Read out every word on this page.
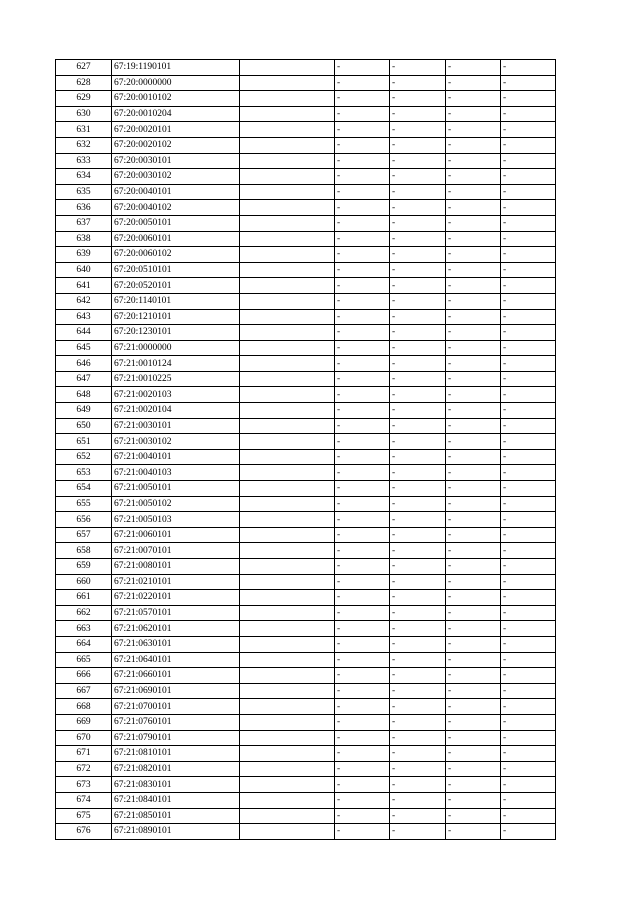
627	67:19:1190101		-	-	-	-
628	67:20:0000000		-	-	-	-
629	67:20:0010102		-	-	-	-
630	67:20:0010204		-	-	-	-
631	67:20:0020101		-	-	-	-
632	67:20:0020102		-	-	-	-
633	67:20:0030101		-	-	-	-
634	67:20:0030102		-	-	-	-
635	67:20:0040101		-	-	-	-
636	67:20:0040102		-	-	-	-
637	67:20:0050101		-	-	-	-
638	67:20:0060101		-	-	-	-
639	67:20:0060102		-	-	-	-
640	67:20:0510101		-	-	-	-
641	67:20:0520101		-	-	-	-
642	67:20:1140101		-	-	-	-
643	67:20:1210101		-	-	-	-
644	67:20:1230101		-	-	-	-
645	67:21:0000000		-	-	-	-
646	67:21:0010124		-	-	-	-
647	67:21:0010225		-	-	-	-
648	67:21:0020103		-	-	-	-
649	67:21:0020104		-	-	-	-
650	67:21:0030101		-	-	-	-
651	67:21:0030102		-	-	-	-
652	67:21:0040101		-	-	-	-
653	67:21:0040103		-	-	-	-
654	67:21:0050101		-	-	-	-
655	67:21:0050102		-	-	-	-
656	67:21:0050103		-	-	-	-
657	67:21:0060101		-	-	-	-
658	67:21:0070101		-	-	-	-
659	67:21:0080101		-	-	-	-
660	67:21:0210101		-	-	-	-
661	67:21:0220101		-	-	-	-
662	67:21:0570101		-	-	-	-
663	67:21:0620101		-	-	-	-
664	67:21:0630101		-	-	-	-
665	67:21:0640101		-	-	-	-
666	67:21:0660101		-	-	-	-
667	67:21:0690101		-	-	-	-
668	67:21:0700101		-	-	-	-
669	67:21:0760101		-	-	-	-
670	67:21:0790101		-	-	-	-
671	67:21:0810101		-	-	-	-
672	67:21:0820101		-	-	-	-
673	67:21:0830101		-	-	-	-
674	67:21:0840101		-	-	-	-
675	67:21:0850101		-	-	-	-
676	67:21:0890101		-	-	-	-
